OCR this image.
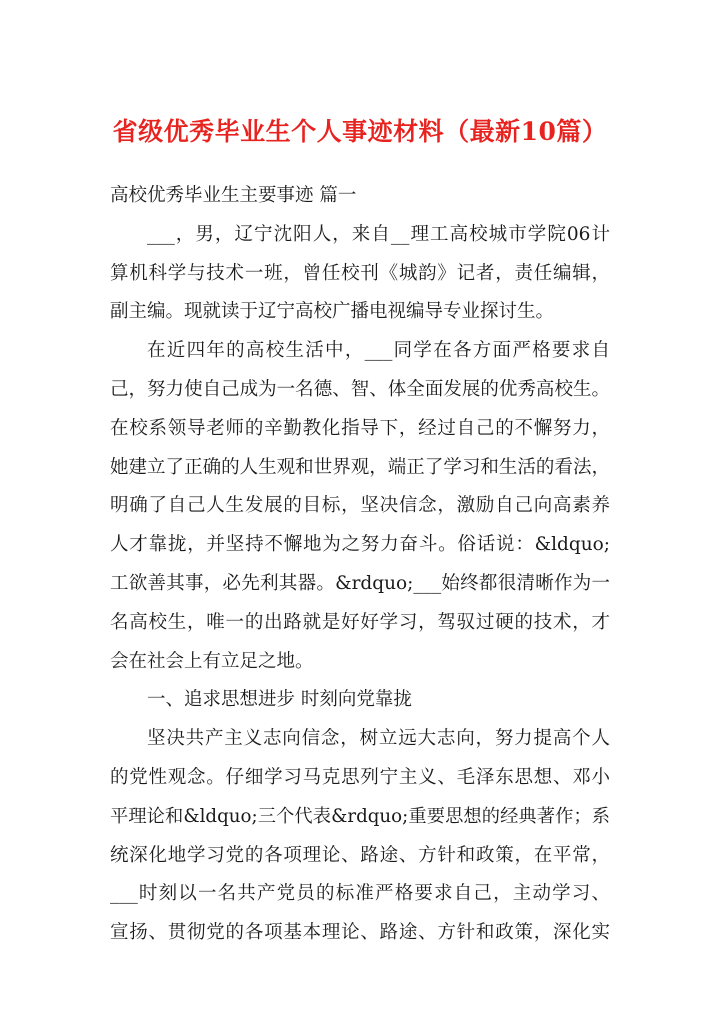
省级优秀毕业生个人事迹材料（最新10篇）
高校优秀毕业生主要事迹 篇一
___，男，辽宁沈阳人，来自__理工高校城市学院06计
算机科学与技术一班，曾任校刊《城韵》记者，责任编辑，
副主编。现就读于辽宁高校广播电视编导专业探讨生。
在近四年的高校生活中，___同学在各方面严格要求自
己，努力使自己成为一名德、智、体全面发展的优秀高校生。
在校系领导老师的辛勤教化指导下，经过自己的不懈努力，
她建立了正确的人生观和世界观，端正了学习和生活的看法，
明确了自己人生发展的目标，坚决信念，激励自己向高素养
人才靠拢，并坚持不懈地为之努力奋斗。俗话说：&ldquo;
工欲善其事，必先利其器。&rdquo;___始终都很清晰作为一
名高校生，唯一的出路就是好好学习，驾驭过硬的技术，才
会在社会上有立足之地。
一、追求思想进步 时刻向党靠拢
坚决共产主义志向信念，树立远大志向，努力提高个人
的党性观念。仔细学习马克思列宁主义、毛泽东思想、邓小
平理论和&ldquo;三个代表&rdquo;重要思想的经典著作；系
统深化地学习党的各项理论、路途、方针和政策，在平常，
___时刻以一名共产党员的标准严格要求自己，主动学习、
宣扬、贯彻党的各项基本理论、路途、方针和政策，深化实
